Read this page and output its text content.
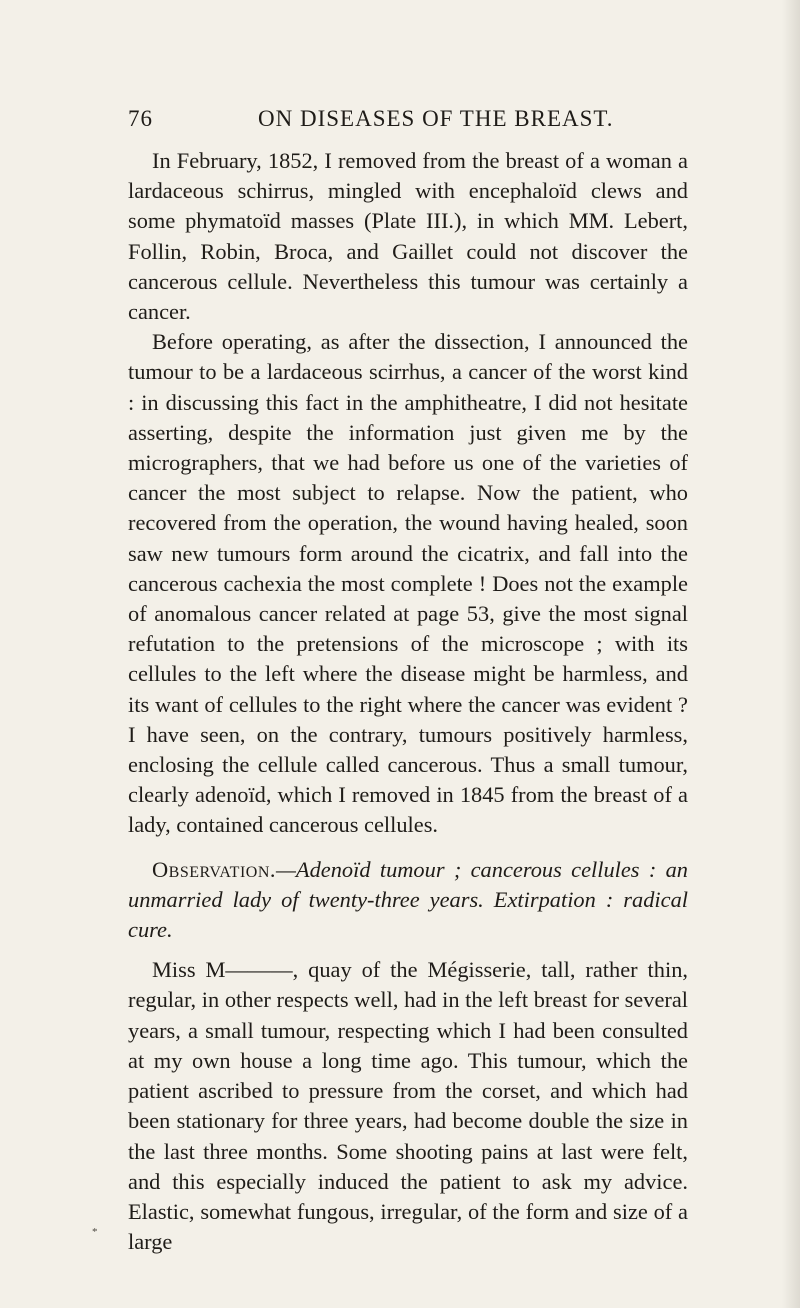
76	ON DISEASES OF THE BREAST.

In February, 1852, I removed from the breast of a woman a lardaceous schirrus, mingled with encephaloïd clews and some phymatoïd masses (Plate III.), in which MM. Lebert, Follin, Robin, Broca, and Gaillet could not discover the cancerous cellule. Nevertheless this tumour was certainly a cancer.

Before operating, as after the dissection, I announced the tumour to be a lardaceous scirrhus, a cancer of the worst kind : in discussing this fact in the amphitheatre, I did not hesitate asserting, despite the information just given me by the micrographers, that we had before us one of the varieties of cancer the most subject to relapse. Now the patient, who recovered from the operation, the wound having healed, soon saw new tumours form around the cicatrix, and fall into the cancerous cachexia the most complete ! Does not the example of anomalous cancer related at page 53, give the most signal refutation to the pretensions of the microscope ; with its cellules to the left where the disease might be harmless, and its want of cellules to the right where the cancer was evident ? I have seen, on the contrary, tumours positively harmless, enclosing the cellule called cancerous. Thus a small tumour, clearly adenoïd, which I removed in 1845 from the breast of a lady, contained cancerous cellules.

Observation.—Adenoïd tumour ; cancerous cellules : an unmarried lady of twenty-three years. Extirpation : radical cure.

Miss M———, quay of the Mégisserie, tall, rather thin, regular, in other respects well, had in the left breast for several years, a small tumour, respecting which I had been consulted at my own house a long time ago. This tumour, which the patient ascribed to pressure from the corset, and which had been stationary for three years, had become double the size in the last three months. Some shooting pains at last were felt, and this especially induced the patient to ask my advice. Elastic, somewhat fungous, irregular, of the form and size of a large

*
